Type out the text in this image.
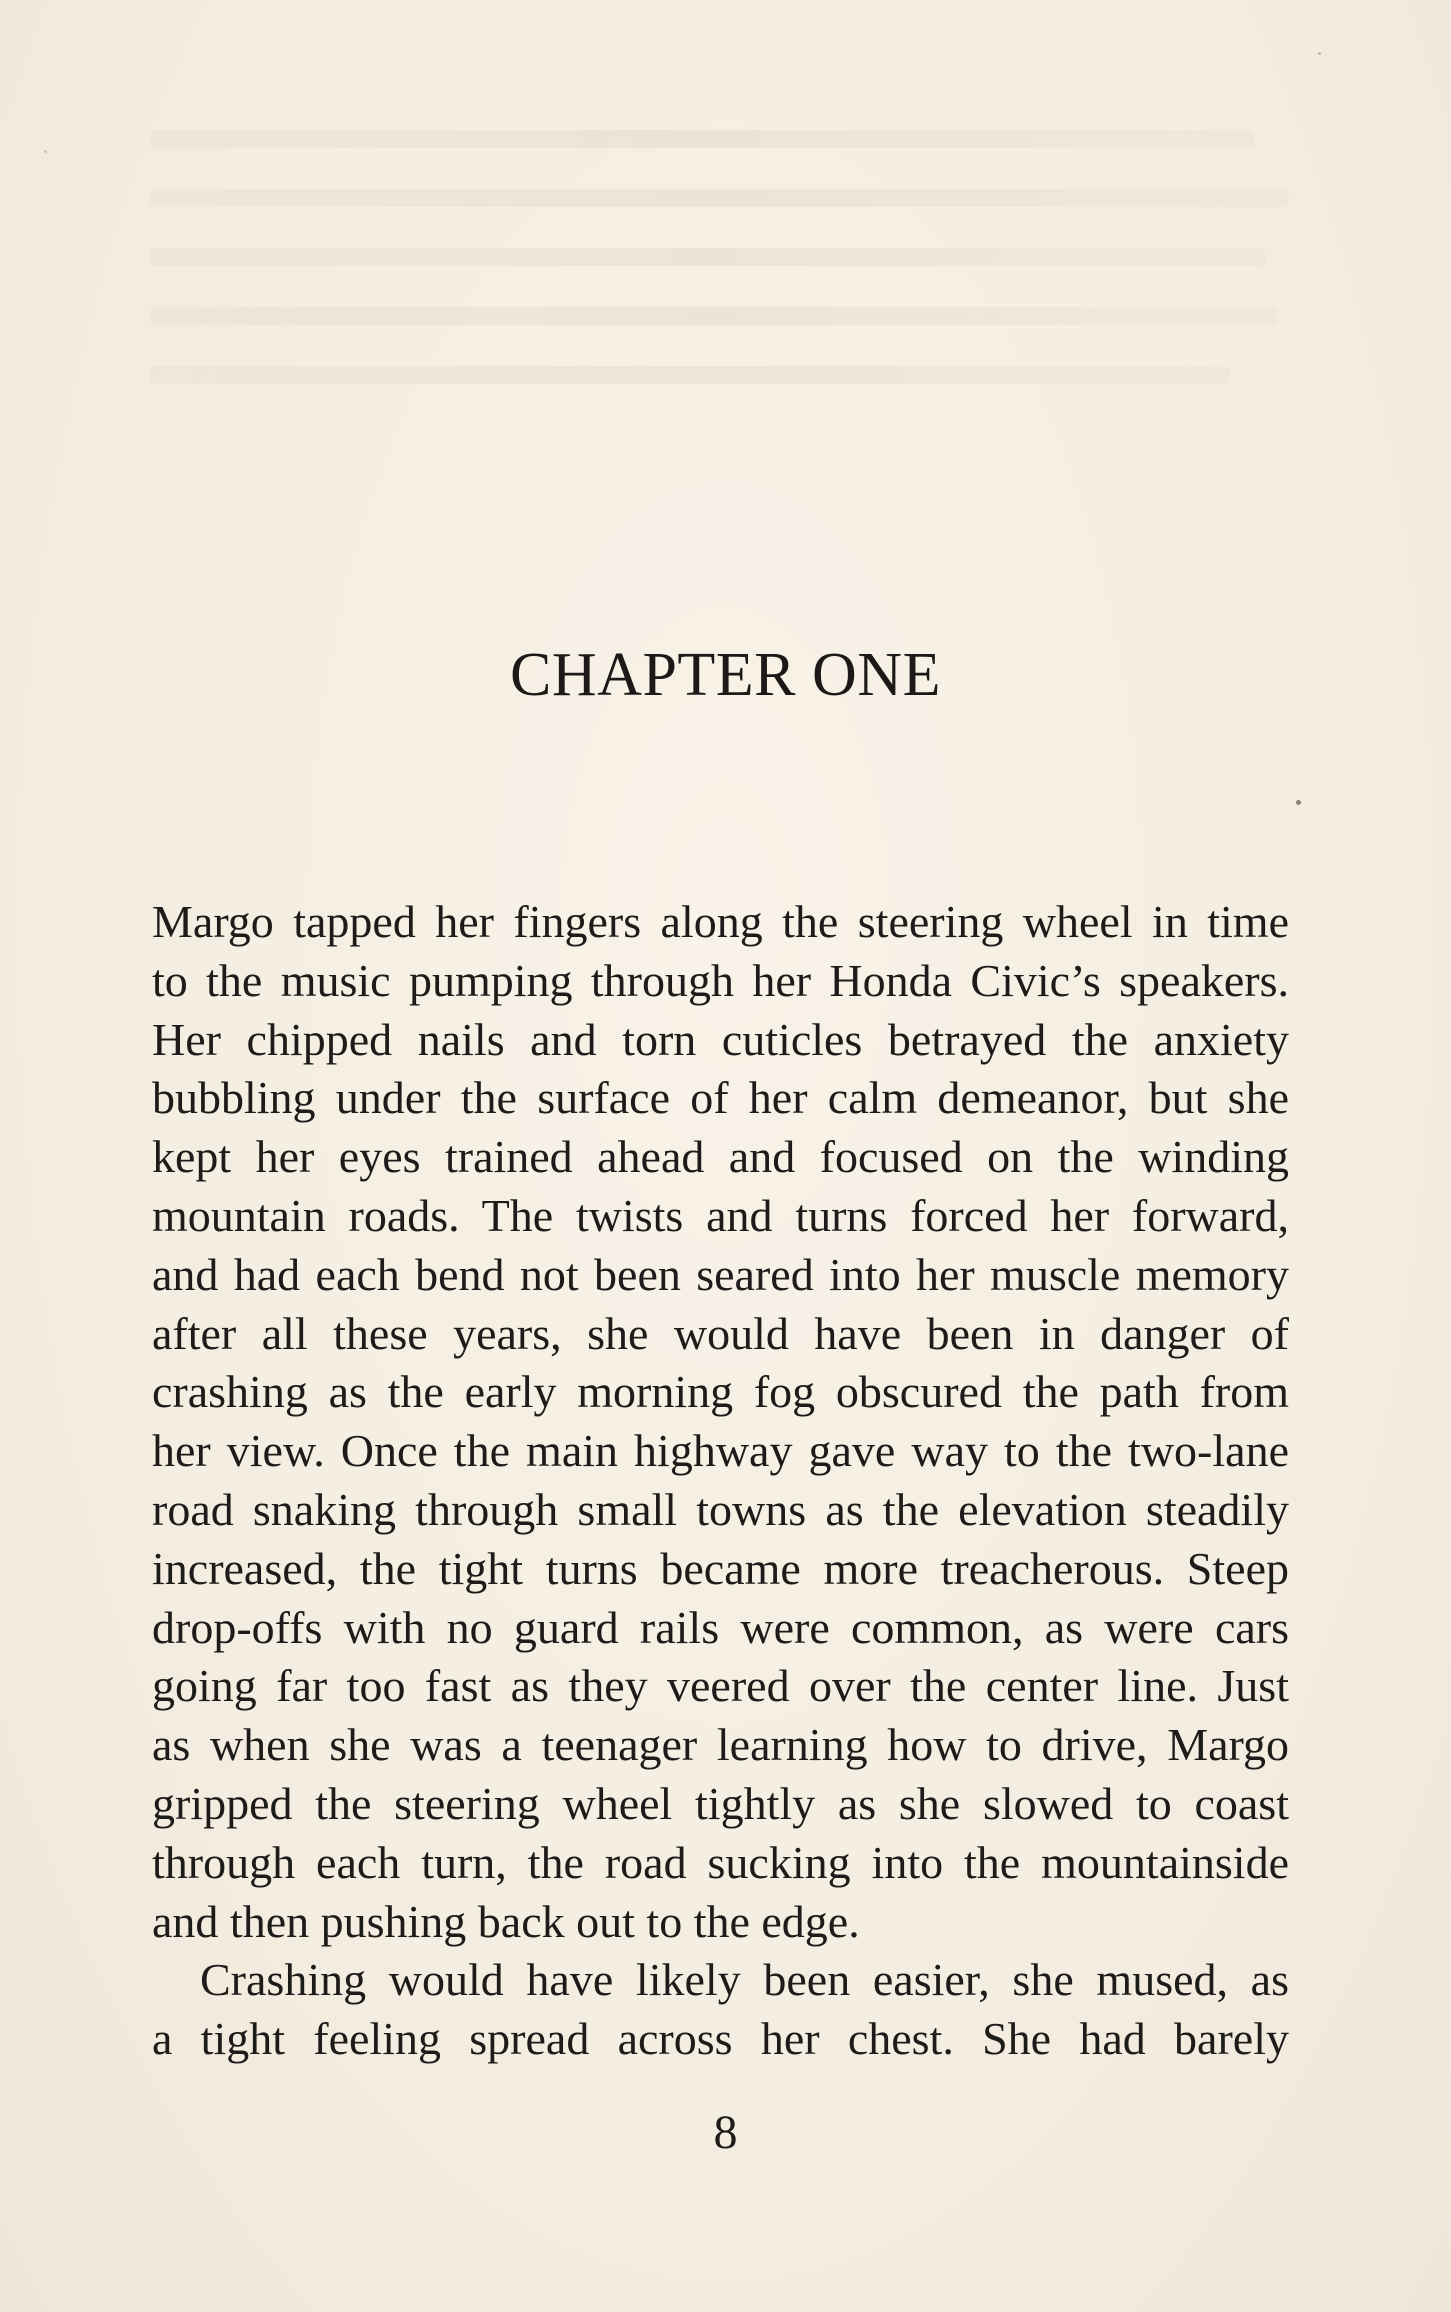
CHAPTER ONE
Margo tapped her fingers along the steering wheel in time
to the music pumping through her Honda Civic’s speakers.
Her chipped nails and torn cuticles betrayed the anxiety
bubbling under the surface of her calm demeanor, but she
kept her eyes trained ahead and focused on the winding
mountain roads. The twists and turns forced her forward,
and had each bend not been seared into her muscle memory
after all these years, she would have been in danger of
crashing as the early morning fog obscured the path from
her view. Once the main highway gave way to the two-lane
road snaking through small towns as the elevation steadily
increased, the tight turns became more treacherous. Steep
drop-offs with no guard rails were common, as were cars
going far too fast as they veered over the center line. Just
as when she was a teenager learning how to drive, Margo
gripped the steering wheel tightly as she slowed to coast
through each turn, the road sucking into the mountainside
and then pushing back out to the edge.
Crashing would have likely been easier, she mused, as
a tight feeling spread across her chest. She had barely
8
